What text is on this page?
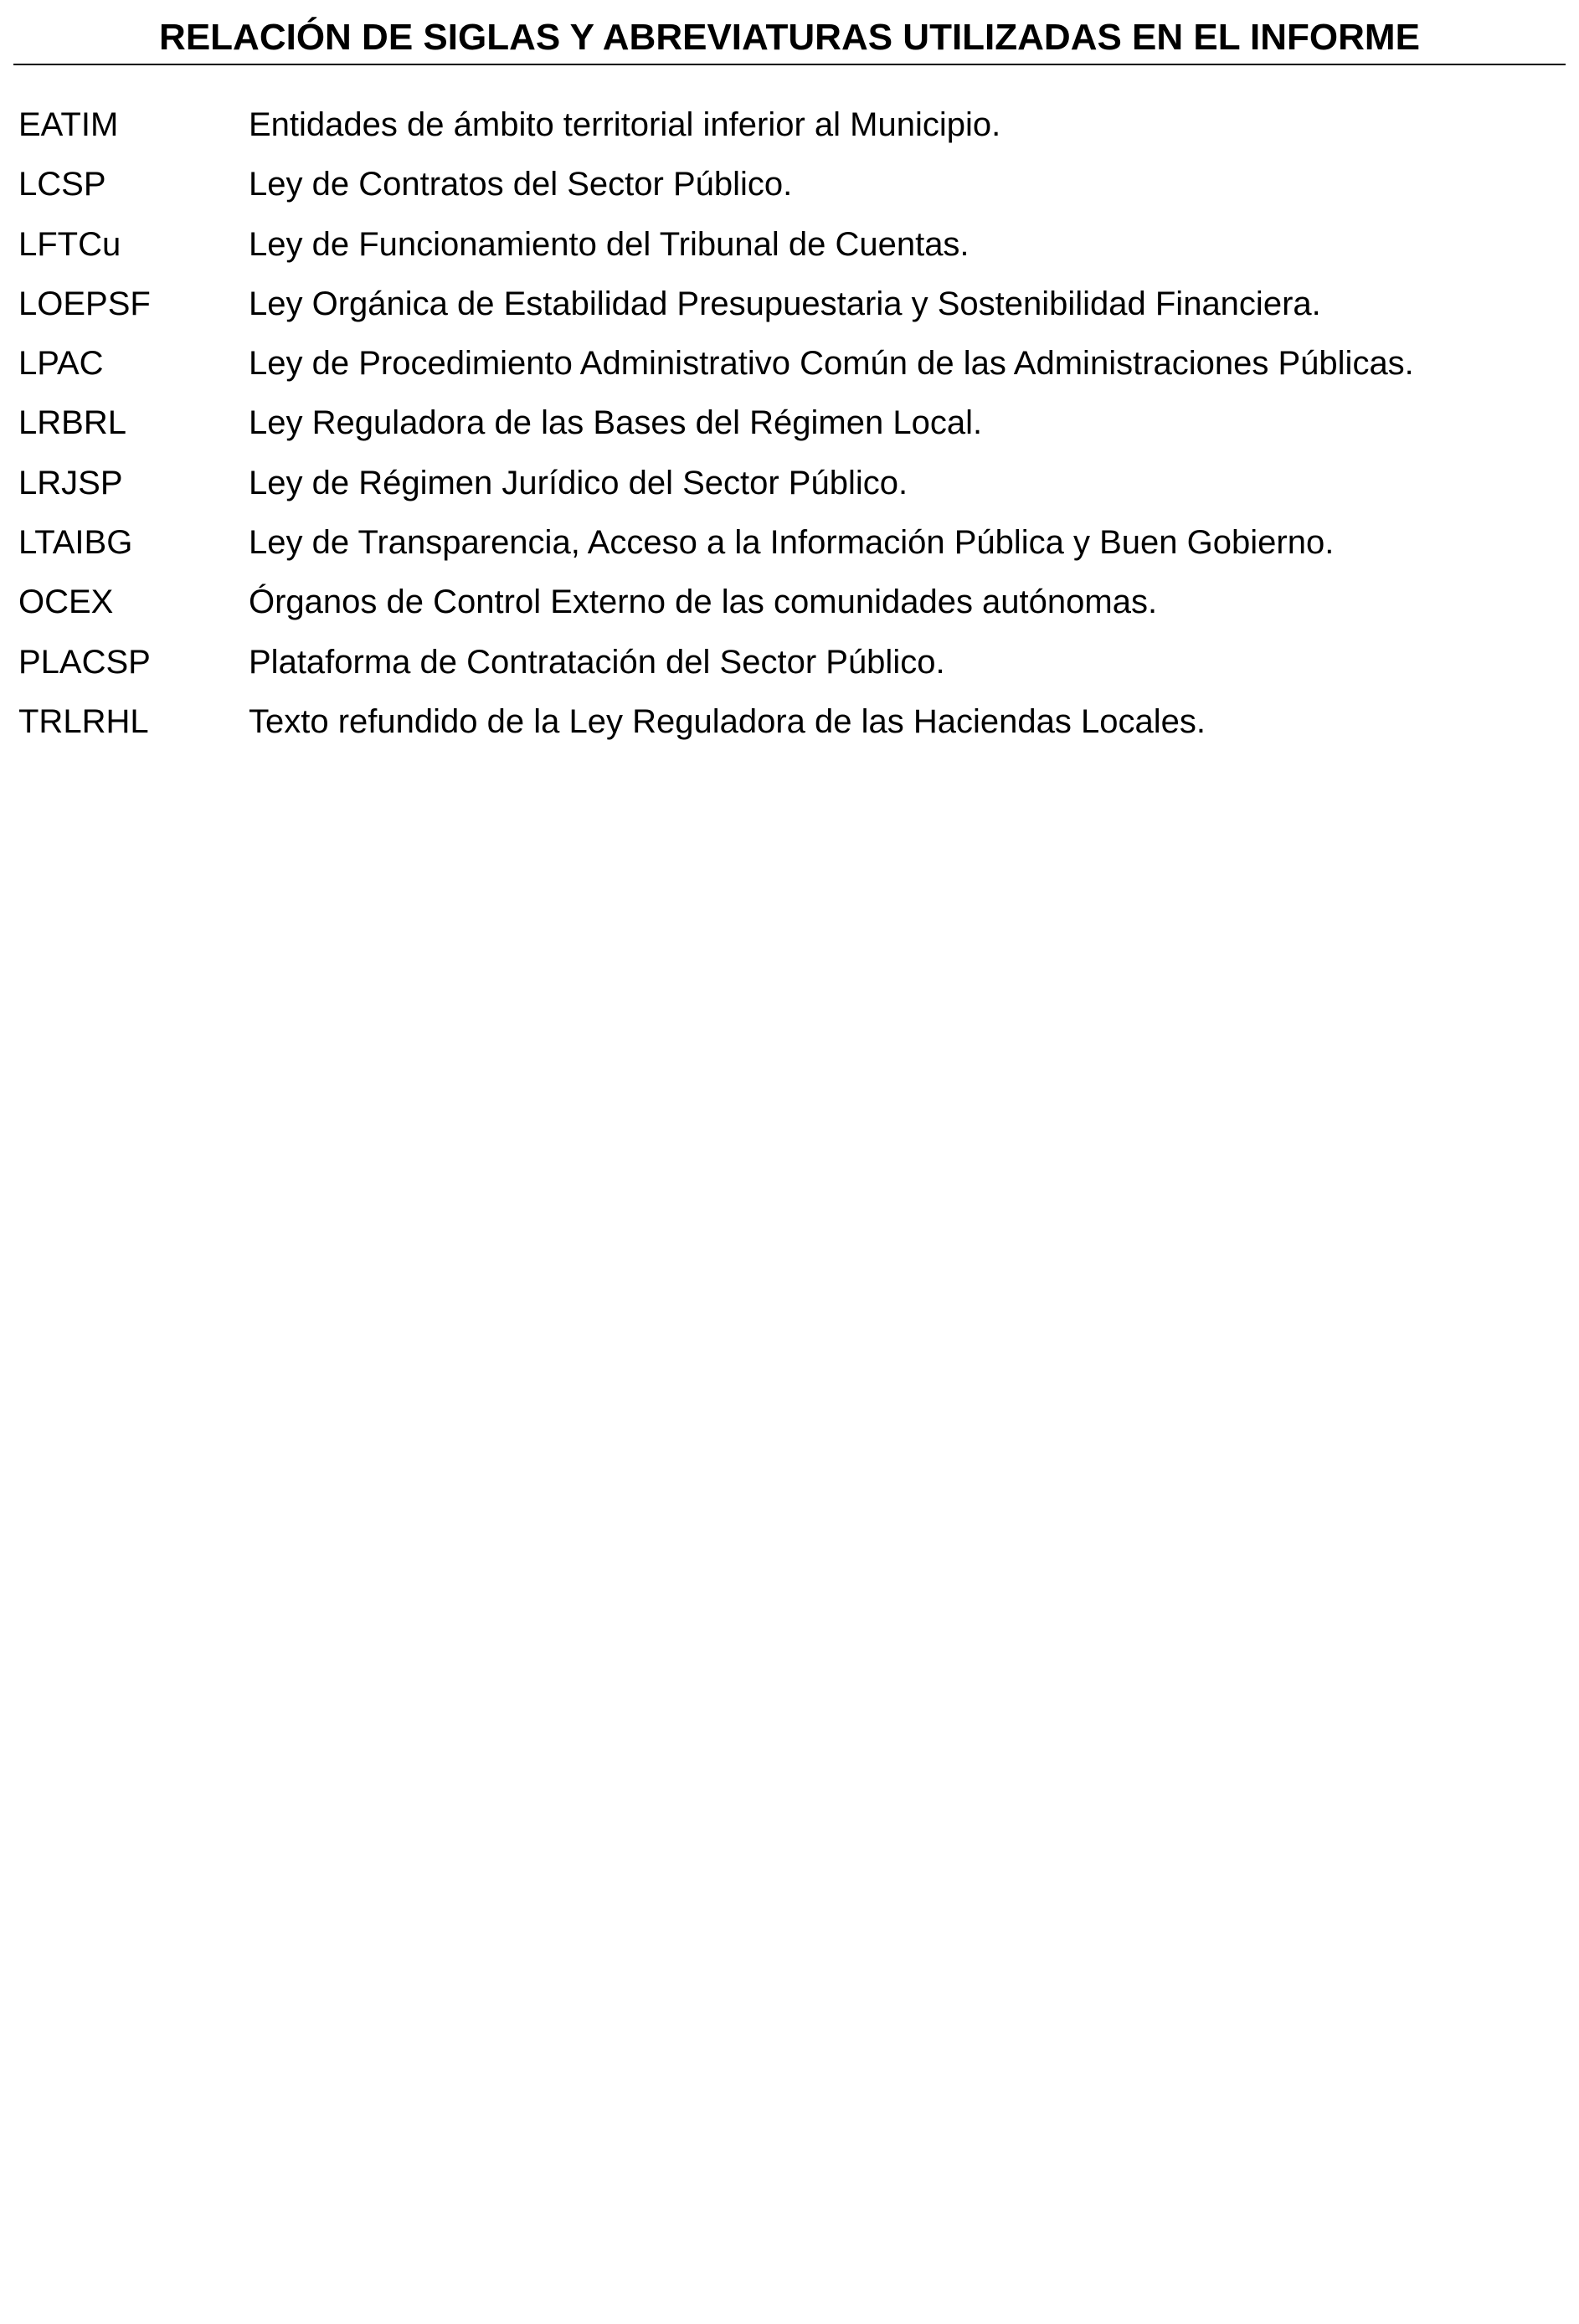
RELACIÓN DE SIGLAS Y ABREVIATURAS UTILIZADAS EN EL INFORME
EATIM	Entidades de ámbito territorial inferior al Municipio.
LCSP	Ley de Contratos del Sector Público.
LFTCu	Ley de Funcionamiento del Tribunal de Cuentas.
LOEPSF	Ley Orgánica de Estabilidad Presupuestaria y Sostenibilidad Financiera.
LPAC	Ley de Procedimiento Administrativo Común de las Administraciones Públicas.
LRBRL	Ley Reguladora de las Bases del Régimen Local.
LRJSP	Ley de Régimen Jurídico del Sector Público.
LTAIBG	Ley de Transparencia, Acceso a la Información Pública y Buen Gobierno.
OCEX	Órganos de Control Externo de las comunidades autónomas.
PLACSP	Plataforma de Contratación del Sector Público.
TRLRHL	Texto refundido de la Ley Reguladora de las Haciendas Locales.
